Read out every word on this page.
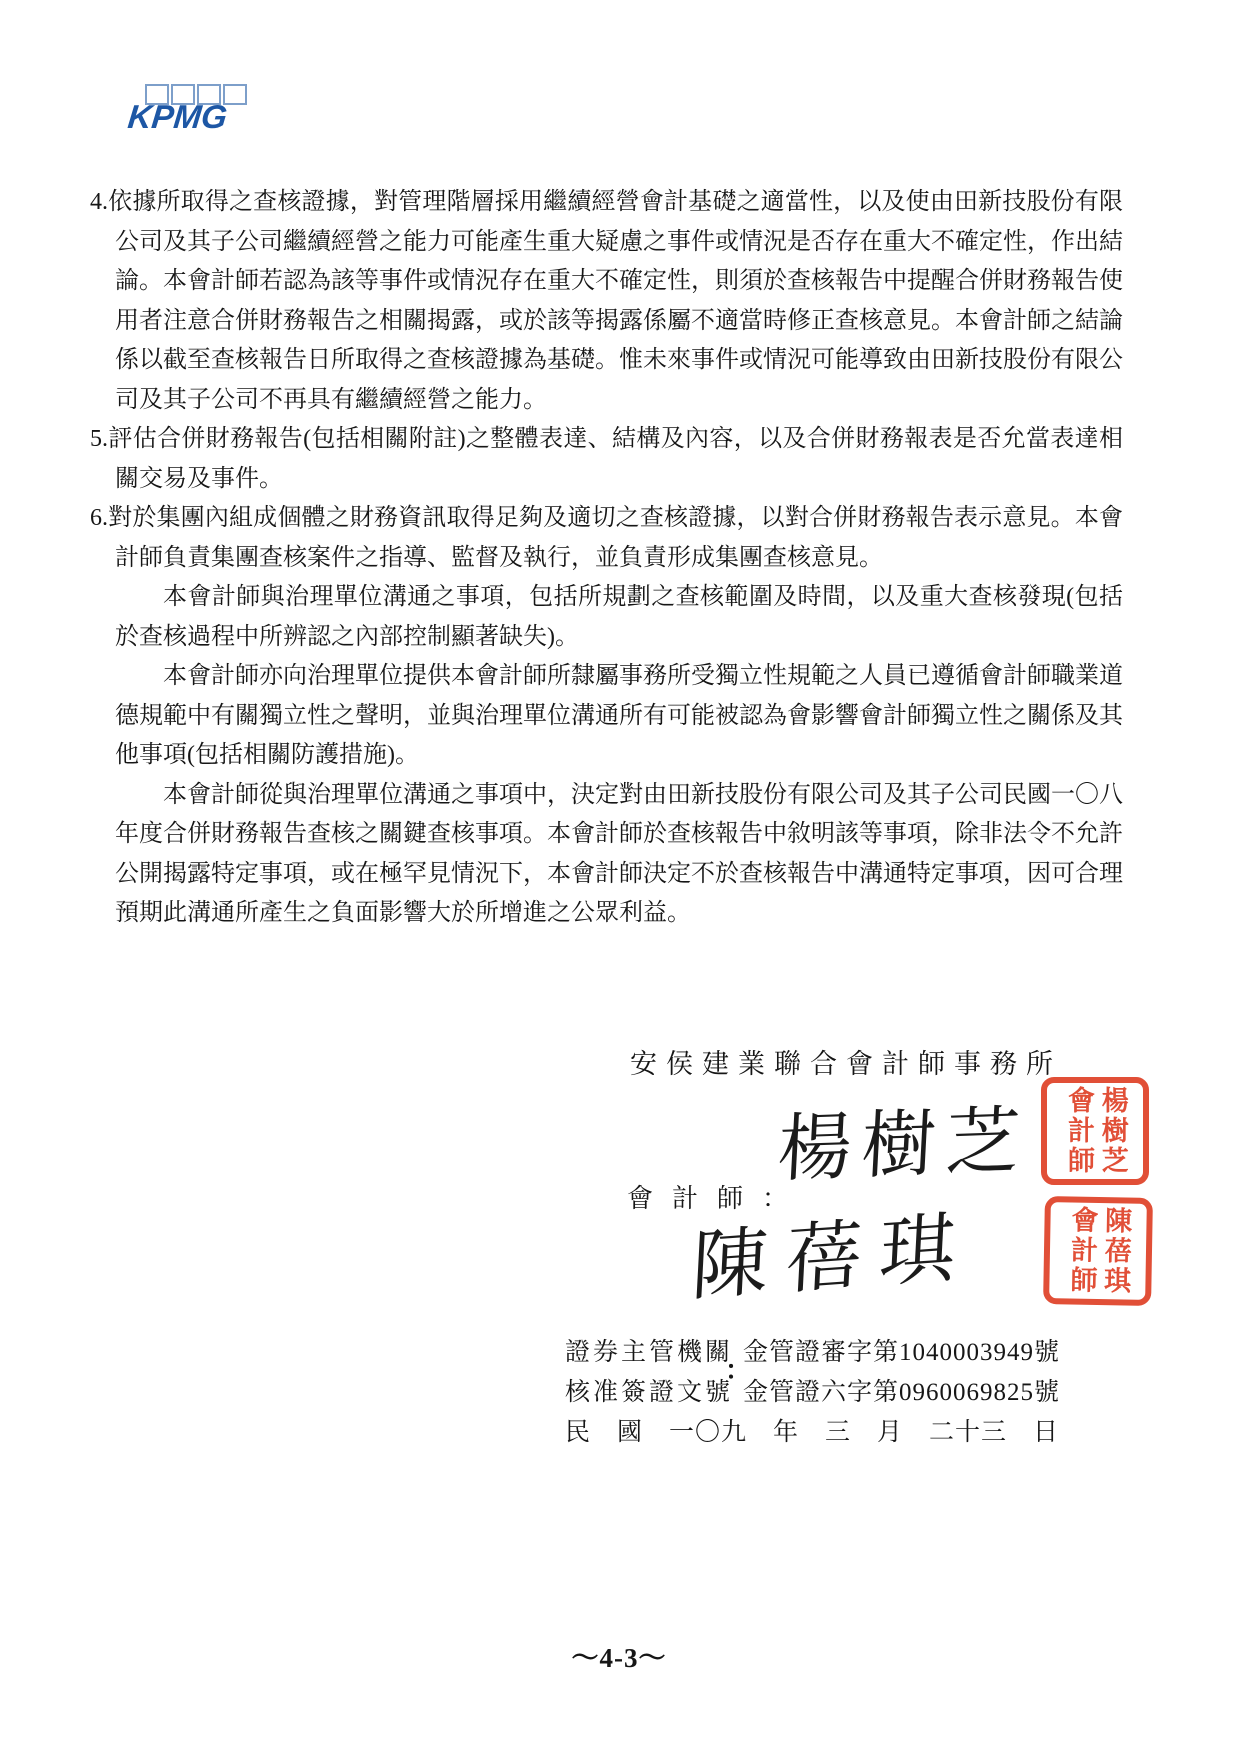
KPMG

4.依據所取得之查核證據，對管理階層採用繼續經營會計基礎之適當性，以及使由田新技股份有限公司及其子公司繼續經營之能力可能產生重大疑慮之事件或情況是否存在重大不確定性，作出結論。本會計師若認為該等事件或情況存在重大不確定性，則須於查核報告中提醒合併財務報告使用者注意合併財務報告之相關揭露，或於該等揭露係屬不適當時修正查核意見。本會計師之結論係以截至查核報告日所取得之查核證據為基礎。惟未來事件或情況可能導致由田新技股份有限公司及其子公司不再具有繼續經營之能力。

5.評估合併財務報告(包括相關附註)之整體表達、結構及內容，以及合併財務報表是否允當表達相關交易及事件。

6.對於集團內組成個體之財務資訊取得足夠及適切之查核證據，以對合併財務報告表示意見。本會計師負責集團查核案件之指導、監督及執行，並負責形成集團查核意見。

本會計師與治理單位溝通之事項，包括所規劃之查核範圍及時間，以及重大查核發現(包括於查核過程中所辨認之內部控制顯著缺失)。

本會計師亦向治理單位提供本會計師所隸屬事務所受獨立性規範之人員已遵循會計師職業道德規範中有關獨立性之聲明，並與治理單位溝通所有可能被認為會影響會計師獨立性之關係及其他事項(包括相關防護措施)。

本會計師從與治理單位溝通之事項中，決定對由田新技股份有限公司及其子公司民國一〇八年度合併財務報告查核之關鍵查核事項。本會計師於查核報告中敘明該等事項，除非法令不允許公開揭露特定事項，或在極罕見情況下，本會計師決定不於查核報告中溝通特定事項，因可合理預期此溝通所產生之負面影響大於所增進之公眾利益。

安侯建業聯合會計師事務所
會計師：
楊樹芝
陳蓓琪
楊樹芝
會計師
陳蓓琪
會計師
證券主管機關 金管證審字第1040003949號
核准簽證文號 金管證六字第0960069825號
：
民　國　一〇九　年　三　月　二十三　日
～4-3～
